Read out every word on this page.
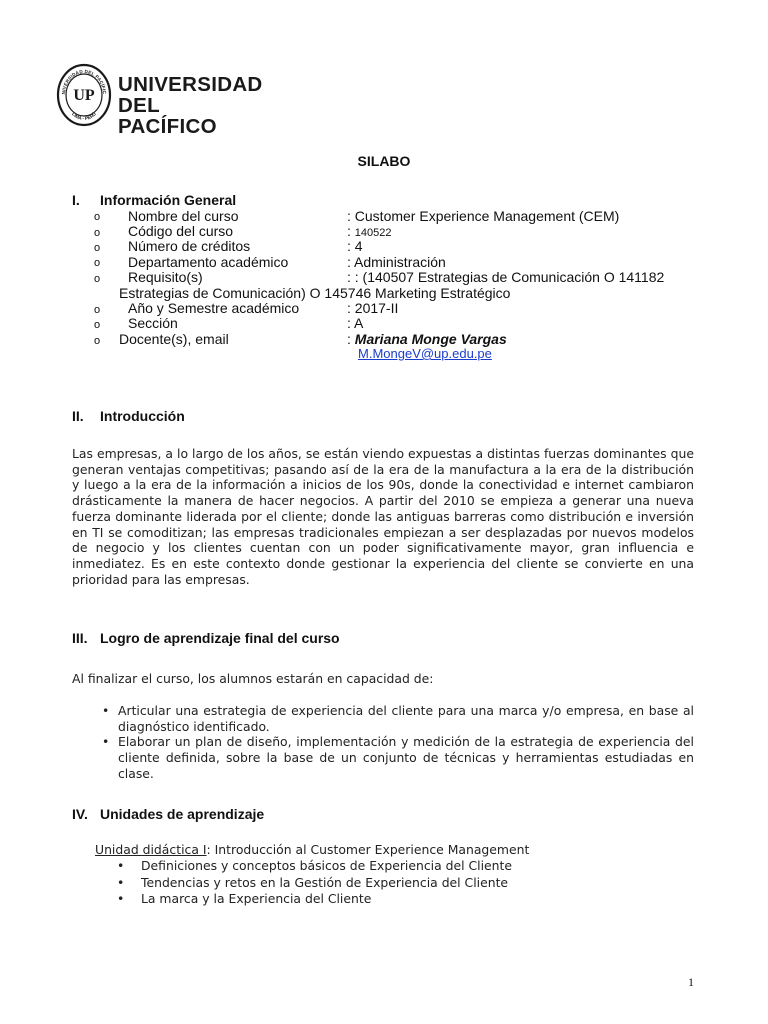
NIVERSIDAD DEL PACÍFIC
LIMA - PERÚ
UP UNIVERSIDAD
DEL PACÍFICO
SILABO
I. Información General
o Nombre del curso	: Customer Experience Management (CEM)
o Código del curso	: 140522
o Número de créditos	: 4
o Departamento académico	: Administración
o Requisito(s)	: : (140507 Estrategias de Comunicación O 141182
Estrategias de Comunicación) O 145746 Marketing Estratégico
o Año y Semestre académico	: 2017-II
o Sección	: A
o Docente(s), email	: Mariana Monge Vargas
M.MongeV@up.edu.pe
II. Introducción
Las empresas, a lo largo de los años, se están viendo expuestas a distintas fuerzas dominantes que generan ventajas competitivas; pasando así de la era de la manufactura a la era de la distribución y luego a la era de la información a inicios de los 90s, donde la conectividad e internet cambiaron drásticamente la manera de hacer negocios. A partir del 2010 se empieza a generar una nueva fuerza dominante liderada por el cliente; donde las antiguas barreras como distribución e inversión en TI se comoditizan; las empresas tradicionales empiezan a ser desplazadas por nuevos modelos de negocio y los clientes cuentan con un poder significativamente mayor, gran influencia e inmediatez. Es en este contexto donde gestionar la experiencia del cliente se convierte en una prioridad para las empresas.
III. Logro de aprendizaje final del curso
Al finalizar el curso, los alumnos estarán en capacidad de:
• Articular una estrategia de experiencia del cliente para una marca y/o empresa, en base al diagnóstico identificado.
• Elaborar un plan de diseño, implementación y medición de la estrategia de experiencia del cliente definida, sobre la base de un conjunto de técnicas y herramientas estudiadas en clase.
IV. Unidades de aprendizaje
Unidad didáctica I: Introducción al Customer Experience Management
• Definiciones y conceptos básicos de Experiencia del Cliente
• Tendencias y retos en la Gestión de Experiencia del Cliente
• La marca y la Experiencia del Cliente
1
